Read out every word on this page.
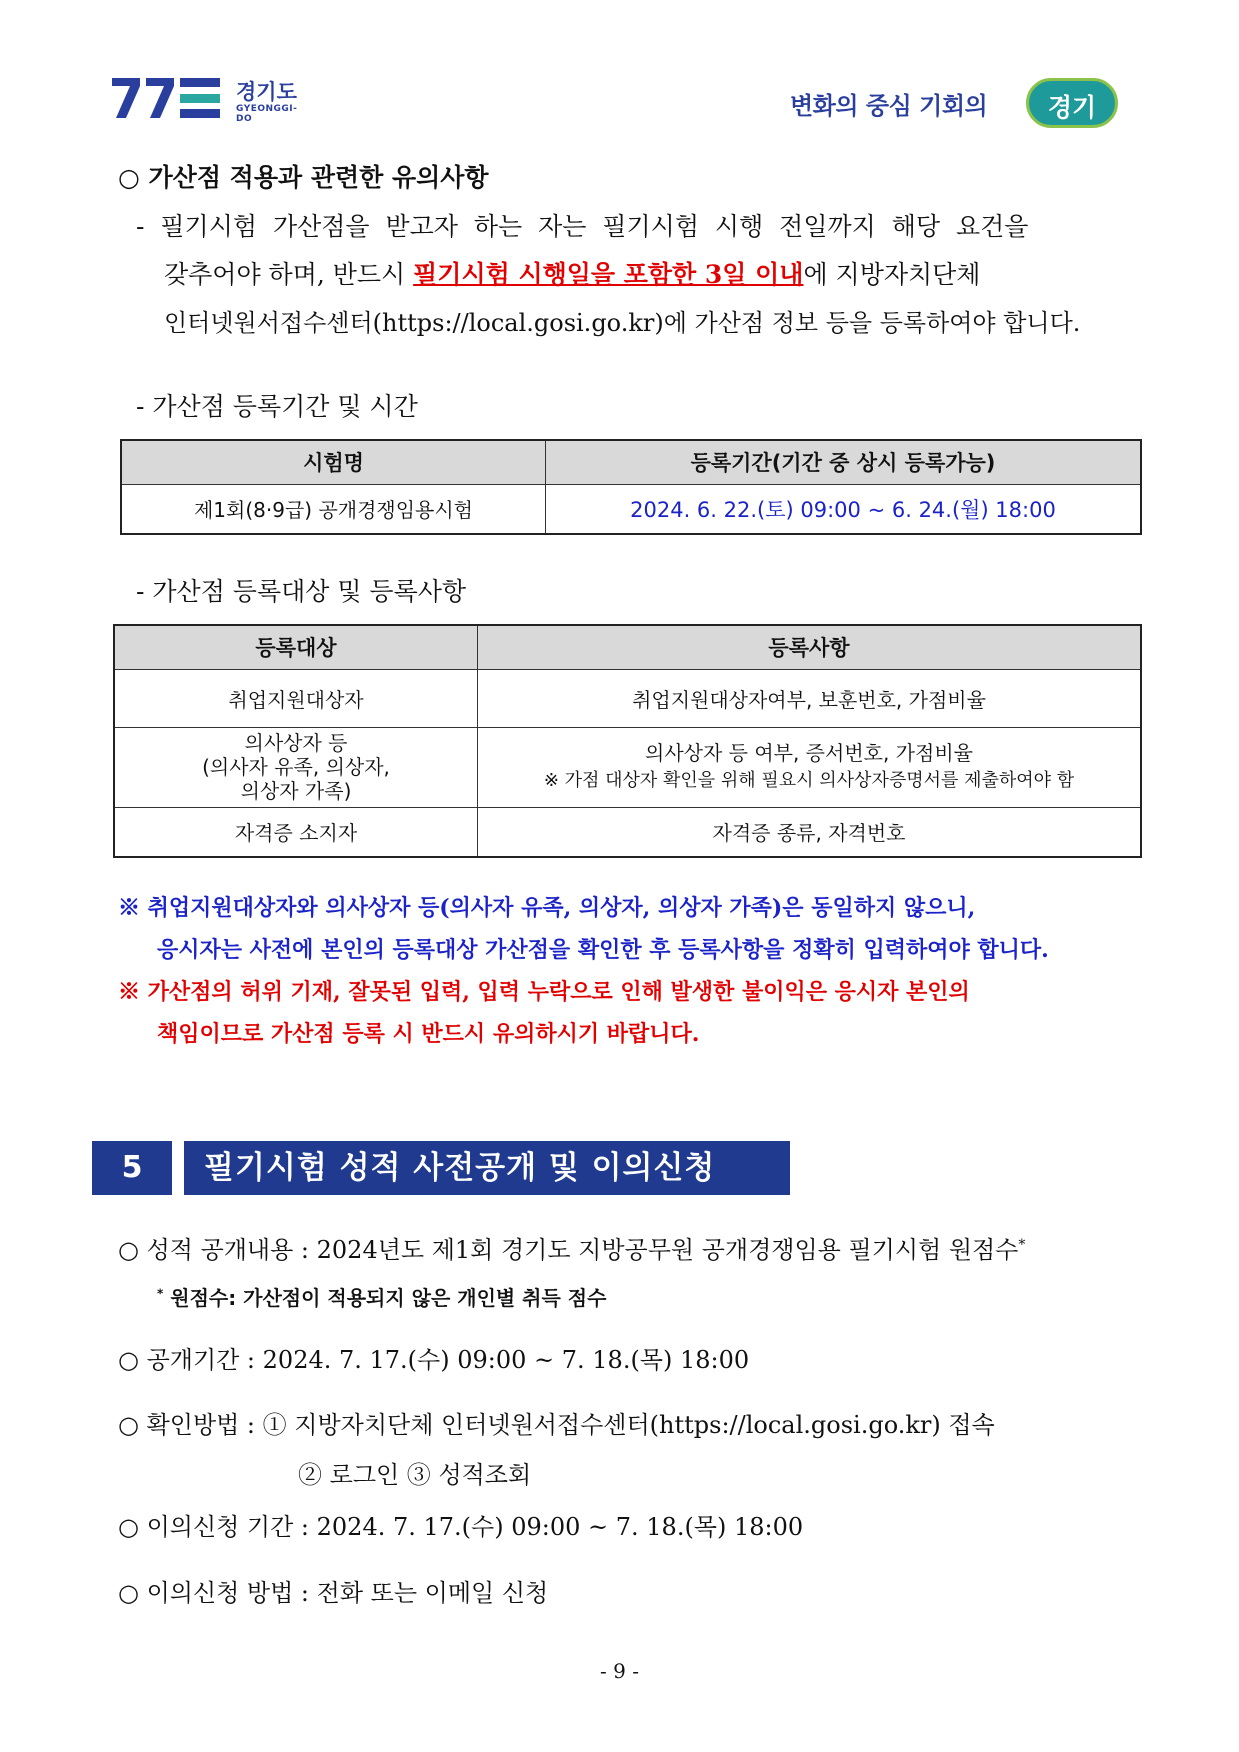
경기도
GYEONGGI-DO	변화의 중심 기회의	경기
○ 가산점 적용과 관련한 유의사항
- 필기시험 가산점을 받고자 하는 자는 필기시험 시행 전일까지 해당 요건을
갖추어야 하며, 반드시 필기시험 시행일을 포함한 3일 이내에 지방자치단체
인터넷원서접수센터(https://local.gosi.go.kr)에 가산점 정보 등을 등록하여야 합니다.
- 가산점 등록기간 및 시간
시험명	등록기간(기간 중 상시 등록가능)
제1회(8·9급) 공개경쟁임용시험	2024. 6. 22.(토) 09:00 ~ 6. 24.(월) 18:00
- 가산점 등록대상 및 등록사항
등록대상	등록사항
취업지원대상자	취업지원대상자여부, 보훈번호, 가점비율

의사상자 등
(의사자 유족, 의상자,
의상자 가족)	의사상자 등 여부, 증서번호, 가점비율
※ 가점 대상자 확인을 위해 필요시 의사상자증명서를 제출하여야 함

자격증 소지자	자격증 종류, 자격번호
※ 취업지원대상자와 의사상자 등(의사자 유족, 의상자, 의상자 가족)은 동일하지 않으니,
응시자는 사전에 본인의 등록대상 가산점을 확인한 후 등록사항을 정확히 입력하여야 합니다.
※ 가산점의 허위 기재, 잘못된 입력, 입력 누락으로 인해 발생한 불이익은 응시자 본인의
책임이므로 가산점 등록 시 반드시 유의하시기 바랍니다.
5	필기시험 성적 사전공개 및 이의신청
○ 성적 공개내용 : 2024년도 제1회 경기도 지방공무원 공개경쟁임용 필기시험 원점수*
* 원점수: 가산점이 적용되지 않은 개인별 취득 점수
○ 공개기간 : 2024. 7. 17.(수) 09:00 ~ 7. 18.(목) 18:00
○ 확인방법 : ① 지방자치단체 인터넷원서접수센터(https://local.gosi.go.kr) 접속
② 로그인 ③ 성적조회
○ 이의신청 기간 : 2024. 7. 17.(수) 09:00 ~ 7. 18.(목) 18:00
○ 이의신청 방법 : 전화 또는 이메일 신청
- 9 -
